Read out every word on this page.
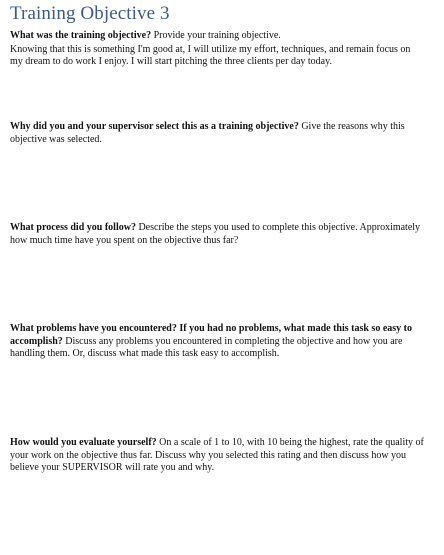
Training Objective 3
What was the training objective? Provide your training objective.
Knowing that this is something I'm good at, I will utilize my effort, techniques, and remain focus on my dream to do work I enjoy. I will start pitching the three clients per day today.
Why did you and your supervisor select this as a training objective? Give the reasons why this objective was selected.
What process did you follow? Describe the steps you used to complete this objective. Approximately how much time have you spent on the objective thus far?
What problems have you encountered? If you had no problems, what made this task so easy to accomplish? Discuss any problems you encountered in completing the objective and how you are handling them. Or, discuss what made this task easy to accomplish.
How would you evaluate yourself? On a scale of 1 to 10, with 10 being the highest, rate the quality of your work on the objective thus far. Discuss why you selected this rating and then discuss how you believe your SUPERVISOR will rate you and why.
